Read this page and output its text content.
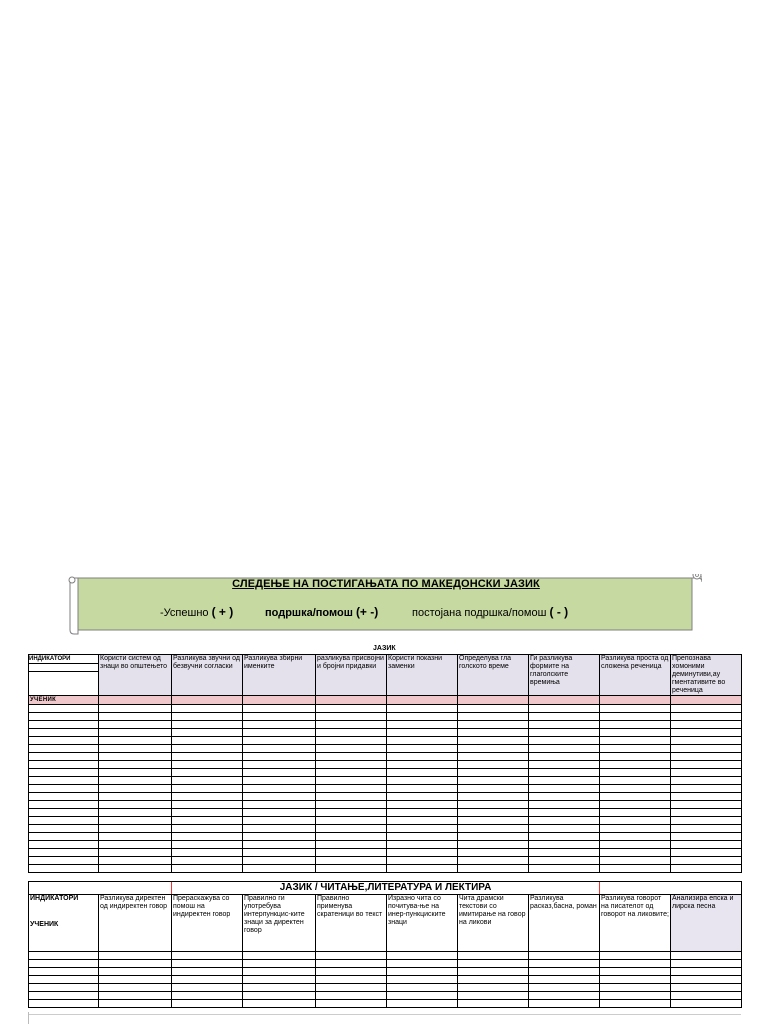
СЛЕДЕЊЕ НА ПОСТИГАЊАТА ПО МАКЕДОНСКИ ЈАЗИК
-Успешно ( + )	подршка/помош (+ -)	постојана подршка/помош ( - )
ЈАЗИК
ИНДИКАТОРИ	Користи систем од знаци во општењето	Разликува звучни од безвучни согласки	Разликува збирни именките	разликува присвојни и бројни придавки	Користи показни заменки	Определува гла голското време	Ги разликува формите на глаголските времиња	Разликува проста од сложена реченица	Препознава хомоними деминутиви,ау гментативите во реченица
УЧЕНИК									

		ЈАЗИК / ЧИТАЊЕ,ЛИТЕРАТУРА И ЛЕКТИРА							

ИНДИКАТОРИ
УЧЕНИК	Разликува директен од индиректен говор	Прераскажува со помош на индиректен говор	Правилно ги употребува интерпункцис-ките знаци за директен говор	Правилно применува скратеници во текст	Изразно чита со почитува-ње на инер-пункциските знаци	Чита драмски текстови со имитирање на говор на ликови	Разликува расказ,басна, роман	Разликува говорот на писателот од говорот на ликовите;	Анализира епска и лирска песна
